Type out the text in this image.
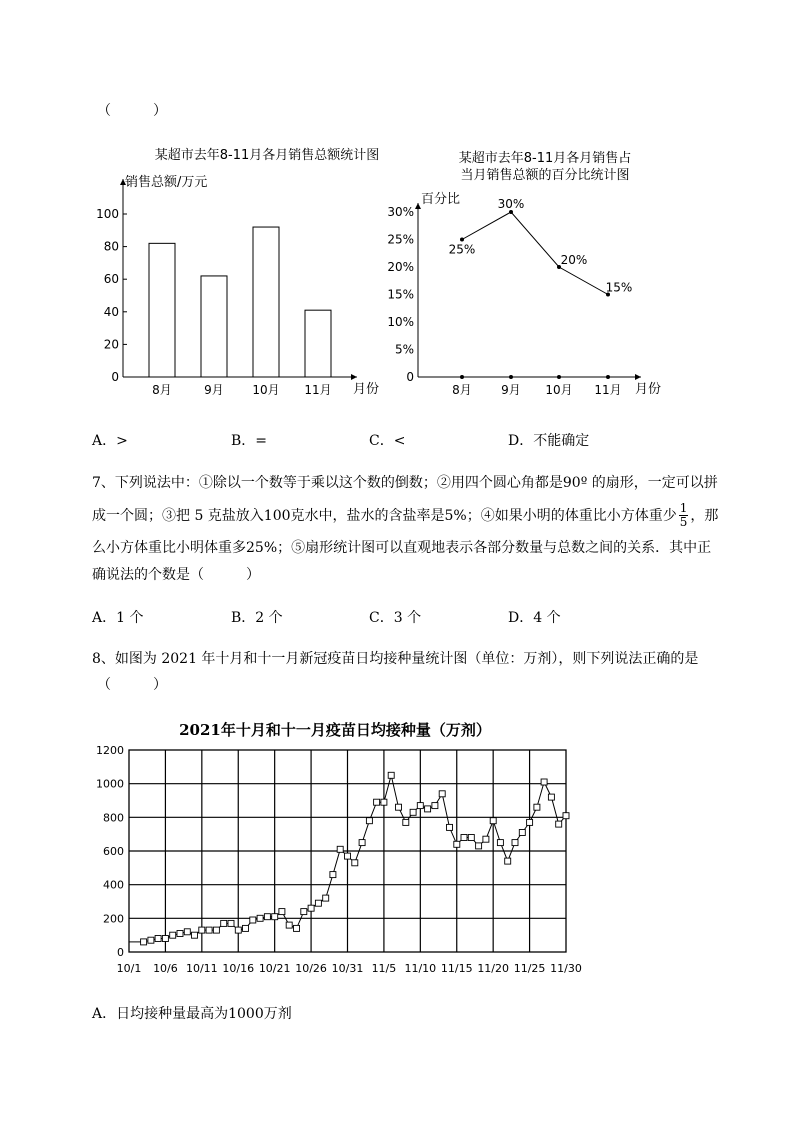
（　　　）
某超市去年8-11月各月销售总额统计图
销售总额/万元
0
20
40
60
80
100
8月	9月 10月 11月 月份
某超市去年8-11月各月销售占
当月销售总额的百分比统计图
百分比
0
5%
10%
15%
20%
25%
30%
25%
8月
30%
9月
20%
10月
15%
11月 月份
A．>	B．=	C．<	D．不能确定
7、下列说法中：①除以一个数等于乘以这个数的倒数；②用四个圆心角都是90º 的扇形，一定可以拼
成一个圆；③把 5 克盐放入100克水中，盐水的含盐率是5%；④如果小明的体重比小方体重少 $\frac{1}{5}$ ，那
么小方体重比小明体重多25%；⑤扇形统计图可以直观地表示各部分数量与总数之间的关系．其中正
确说法的个数是（　　　）
A．1 个	B．2 个	C．3 个	D．4 个
8、如图为 2021 年十月和十一月新冠疫苗日均接种量统计图（单位：万剂），则下列说法正确的是
（　　　）
2021年十月和十一月疫苗日均接种量（万剂）
0
200
400
600
800
1000
1200
10/1 10/6 10/11 10/16 10/21 10/26 10/31 11/5 11/10 11/15 11/20 11/25 11/30
A．日均接种量最高为1000万剂
